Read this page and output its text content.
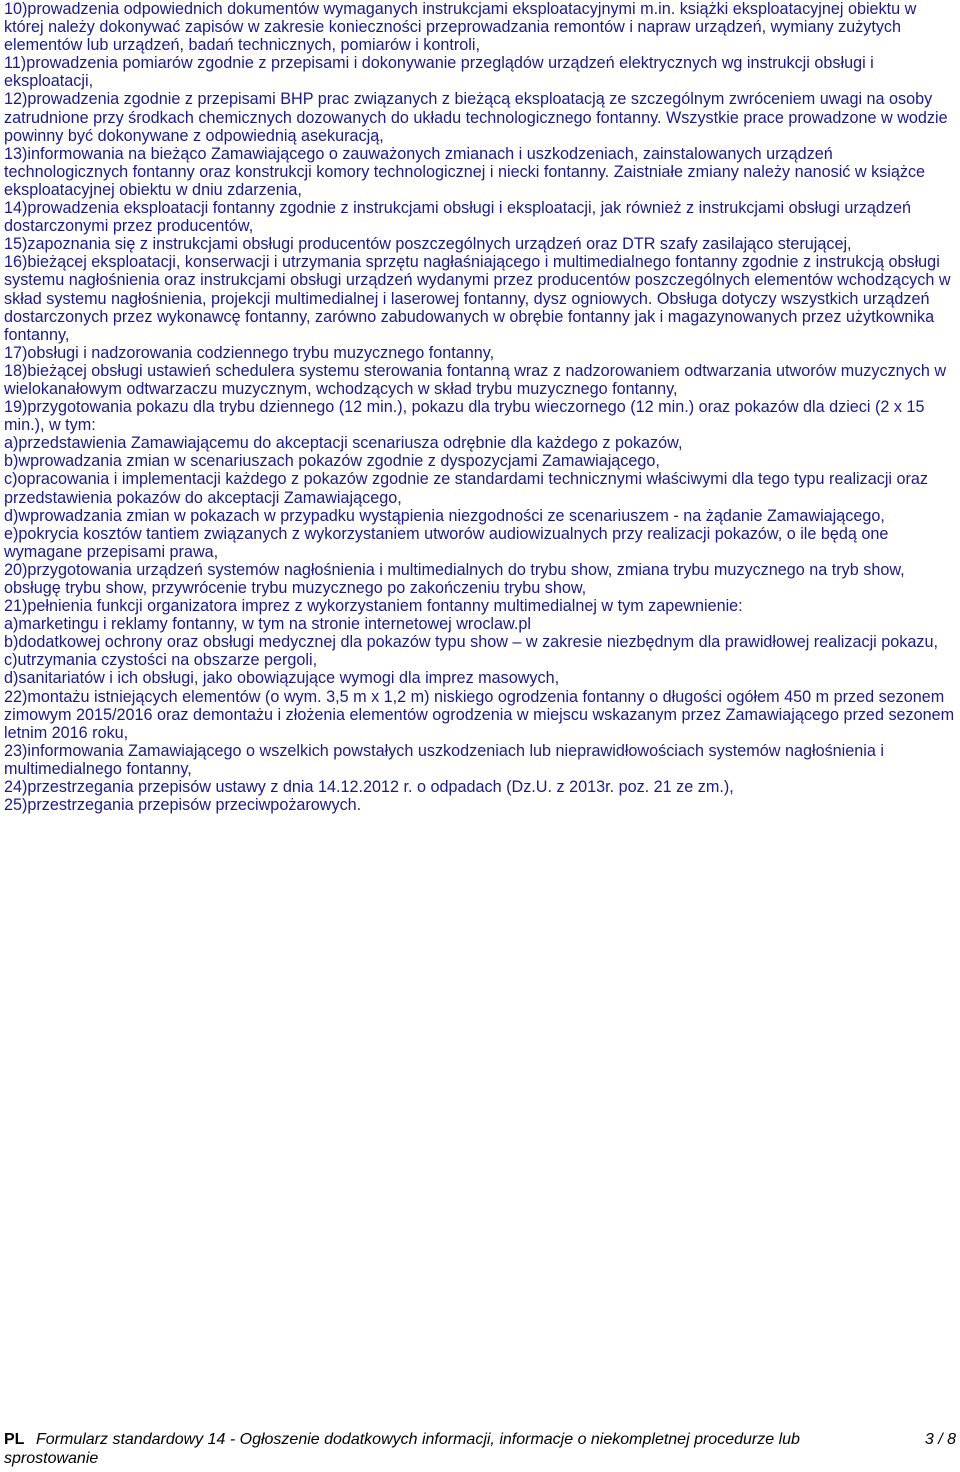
10)prowadzenia odpowiednich dokumentów wymaganych instrukcjami eksploatacyjnymi m.in. książki eksploatacyjnej obiektu w której należy dokonywać zapisów w zakresie konieczności przeprowadzania remontów i napraw urządzeń, wymiany zużytych elementów lub urządzeń, badań technicznych, pomiarów i kontroli,

11)prowadzenia pomiarów zgodnie z przepisami i dokonywanie przeglądów urządzeń elektrycznych wg instrukcji obsługi i eksploatacji,

12)prowadzenia zgodnie z przepisami BHP prac związanych z bieżącą eksploatacją ze szczególnym zwróceniem uwagi na osoby zatrudnione przy środkach chemicznych dozowanych do układu technologicznego fontanny. Wszystkie prace prowadzone w wodzie powinny być dokonywane z odpowiednią asekuracją,

13)informowania na bieżąco Zamawiającego o zauważonych zmianach i uszkodzeniach, zainstalowanych urządzeń technologicznych fontanny oraz konstrukcji komory technologicznej i niecki fontanny. Zaistniałe zmiany należy nanosić w książce eksploatacyjnej obiektu w dniu zdarzenia,

14)prowadzenia eksploatacji fontanny zgodnie z instrukcjami obsługi i eksploatacji, jak również z instrukcjami obsługi urządzeń dostarczonymi przez producentów,

15)zapoznania się z instrukcjami obsługi producentów poszczególnych urządzeń oraz DTR szafy zasilająco sterującej,

16)bieżącej eksploatacji, konserwacji i utrzymania sprzętu nagłaśniającego i multimedialnego fontanny zgodnie z instrukcją obsługi systemu nagłośnienia oraz instrukcjami obsługi urządzeń wydanymi przez producentów poszczególnych elementów wchodzących w skład systemu nagłośnienia, projekcji multimedialnej i laserowej fontanny, dysz ogniowych. Obsługa dotyczy wszystkich urządzeń dostarczonych przez wykonawcę fontanny, zarówno zabudowanych w obrębie fontanny jak i magazynowanych przez użytkownika fontanny,

17)obsługi i nadzorowania codziennego trybu muzycznego fontanny,

18)bieżącej obsługi ustawień schedulera systemu sterowania fontanną wraz z nadzorowaniem odtwarzania utworów muzycznych w wielokanałowym odtwarzaczu muzycznym, wchodzących w skład trybu muzycznego fontanny,

19)przygotowania pokazu dla trybu dziennego (12 min.), pokazu dla trybu wieczornego (12 min.) oraz pokazów dla dzieci (2 x 15 min.), w tym:

a)przedstawienia Zamawiającemu do akceptacji scenariusza odrębnie dla każdego z pokazów,

b)wprowadzania zmian w scenariuszach pokazów zgodnie z dyspozycjami Zamawiającego,

c)opracowania i implementacji każdego z pokazów zgodnie ze standardami technicznymi właściwymi dla tego typu realizacji oraz przedstawienia pokazów do akceptacji Zamawiającego,

d)wprowadzania zmian w pokazach w przypadku wystąpienia niezgodności ze scenariuszem - na żądanie Zamawiającego,

e)pokrycia kosztów tantiem związanych z wykorzystaniem utworów audiowizualnych przy realizacji pokazów, o ile będą one wymagane przepisami prawa,

20)przygotowania urządzeń systemów nagłośnienia i multimedialnych do trybu show, zmiana trybu muzycznego na tryb show, obsługę trybu show, przywrócenie trybu muzycznego po zakończeniu trybu show,

21)pełnienia funkcji organizatora imprez z wykorzystaniem fontanny multimedialnej w tym zapewnienie:

a)marketingu i reklamy fontanny, w tym na stronie internetowej wroclaw.pl

b)dodatkowej ochrony oraz obsługi medycznej dla pokazów typu show – w zakresie niezbędnym dla prawidłowej realizacji pokazu,

c)utrzymania czystości na obszarze pergoli,

d)sanitariatów i ich obsługi, jako obowiązujące wymogi dla imprez masowych,

22)montażu istniejących elementów (o wym. 3,5 m x 1,2 m) niskiego ogrodzenia fontanny o długości ogółem 450 m przed sezonem zimowym 2015/2016 oraz demontażu i złożenia elementów ogrodzenia w miejscu wskazanym przez Zamawiającego przed sezonem letnim 2016 roku,

23)informowania Zamawiającego o wszelkich powstałych uszkodzeniach lub nieprawidłowościach systemów nagłośnienia i multimedialnego fontanny,

24)przestrzegania przepisów ustawy z dnia 14.12.2012 r. o odpadach (Dz.U. z 2013r. poz. 21 ze zm.),

25)przestrzegania przepisów przeciwpożarowych.

PL Formularz standardowy 14 - Ogłoszenie dodatkowych informacji, informacje o niekompletnej procedurze lub
sprostowanie
3 / 8
